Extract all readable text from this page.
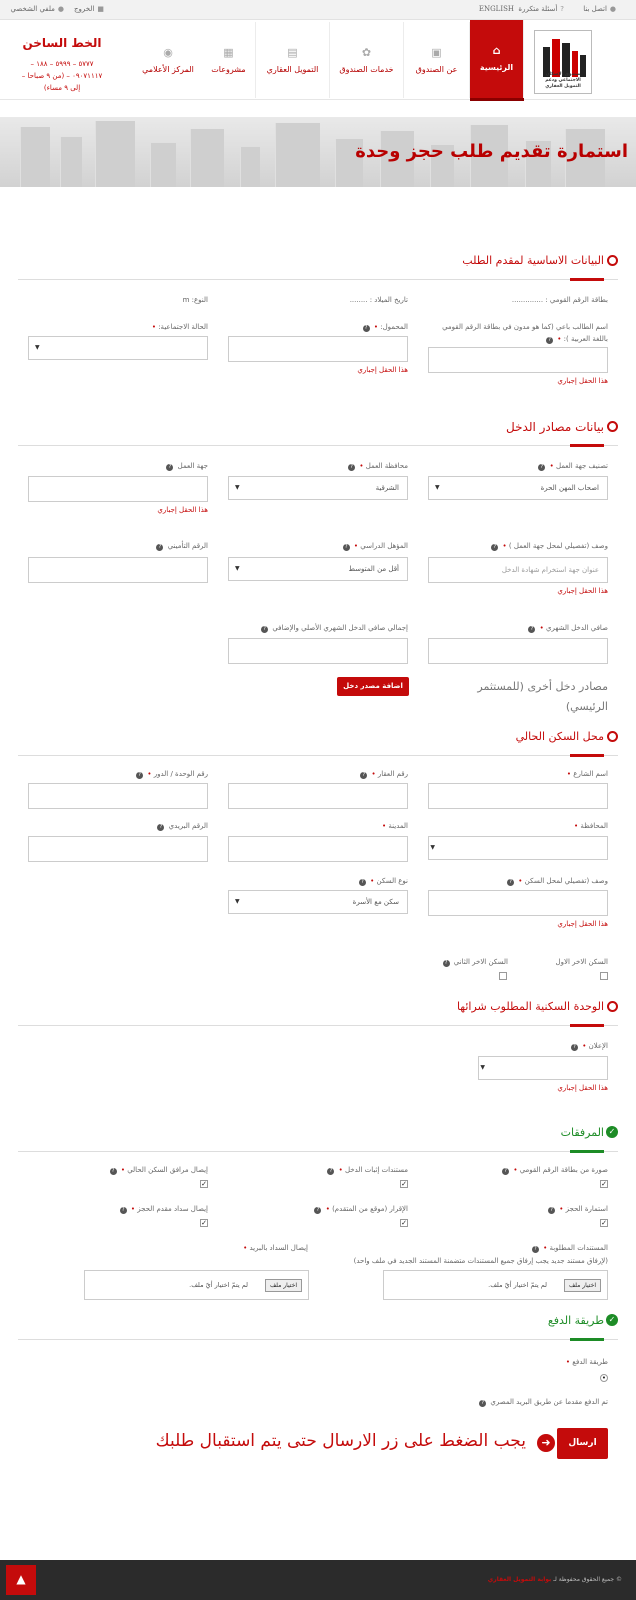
●اتصل بنا
?أسئلة متكررة
ENGLISH
■الخروج
●ملفي الشخصي
صندوق الإسكان الاجتماعي ودعم التمويل العقاري
⌂
الرئيسية
▣
عن الصندوق
✿
خدمات الصندوق
▤
التمويل العقاري
▦
مشروعات
◉
المركز الأعلامي
الخط الساخن
٥٧٧٧ – ٥٩٩٩ – ١٨٨ –
٠٩٠٧١١١٧ – (من ٩ صباحا –
إلى ٩ مساء)
استمارة تقديم طلب حجز وحدة
البيانات الاساسية لمقدم الطلب
بطاقة الرقم القومي : ..............
تاريخ الميلاد : ........
النوع: m
اسم الطالب باعي (كما هو مدون في بطاقة الرقم القومي
باللغة العربية ): • ?
هذا الحقل إجباري
المحمول: • ?
هذا الحقل إجباري
الحالة الاجتماعية: •
▼
بيانات مصادر الدخل
تصنيف جهة العمل • ?
اصحاب المهن الحرة
▼
محافظة العمل • ?
الشرقية
▼
جهة العمل ?
هذا الحقل إجباري
وصف (تفصيلي لمحل جهة العمل ) • ?
عنوان جهة استخرام شهادة الدخل
هذا الحقل إجباري
المؤهل الدراسي • ?
أقل من المتوسط
▼
الرقم التأميني ?
صافي الدخل الشهري • ?
إجمالي صافي الدخل الشهري الأصلي والإضافي ?
مصادر دخل أخرى (للمستثمر
الرئيسي)
اضافة مصدر دخل
محل السكن الحالي
اسم الشارع •
رقم العقار • ?
رقم الوحدة / الدور • ?
المحافظة •
▼
المدينة •
الرقم البريدي ?
وصف (تفصيلي لمحل السكن • ?
هذا الحقل إجباري
نوع السكن • ?
سكن مع الأسرة
▼
السكن الاخر الاول
السكن الاخر الثاني ?
الوحدة السكنية المطلوب شرائها
الإعلان • ?
▼
هذا الحقل إجباري
✓
المرفقات
صورة من بطاقة الرقم القومي • ?
✓
مستندات إثبات الدخل • ?
✓
إيصال مرافق السكن الحالي • ?
✓
استمارة الحجز • ?
✓
الإقرار (موقع من المتقدم) • ?
✓
إيصال سداد مقدم الحجز • ?
✓
المستندات المطلوبة • ?
(لإرفاق مستند جديد يجب إرفاق جميع المستندات متضمنة المستند الجديد في ملف واحد)
إيصال السداد بالبريد •
اختيار ملف
لم يتمّ اختيار أيّ ملف.
اختيار ملف
لم يتمّ اختيار أيّ ملف.
✓
طريقة الدفع
طريقة الدفع •
•
تم الدفع مقدما عن طريق البريد المصري ?
ارسال
➜
يجب الضغط على زر الارسال حتى يتم استقبال طلبك
© جميع الحقوق محفوظة لـ بوابة التمويل العقاري
▲
